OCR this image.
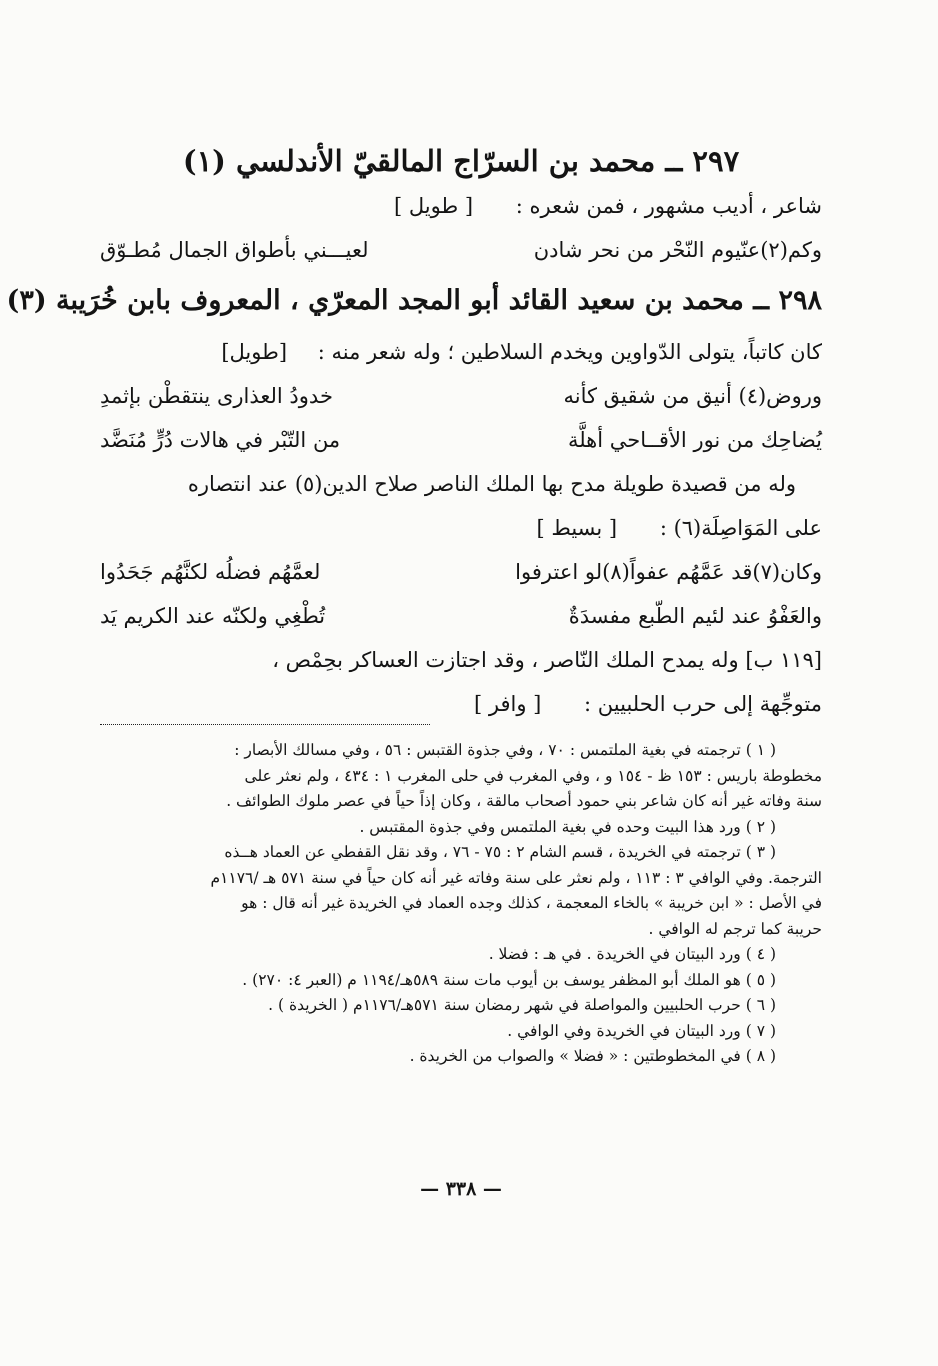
٢٩٧ ــ محمد بن السرّاج المالقيّ الأندلسي (١)
شاعر ، أديب مشهور ، فمن شعره : [ طويل ]
وكم(٢)عنّيوم النّحْر من نحر شادن
لعيـــني بأطواق الجمال مُطـوّق
٢٩٨ ــ محمد بن سعيد القائد أبو المجد المعرّي ، المعروف بابن خُرَيبة (٣)
كان كاتباً، يتولى الدّواوين ويخدم السلاطين ؛ وله شعر منه : [طويل]
وروض(٤) أنيق من شقيق كأنه
خدودُ العذارى ينتقطْن بإثمدِ
يُضاحِك من نور الأقــاحي أهلَّة
من التّبْر في هالات دُرٍّ مُنَضَّد
وله من قصيدة طويلة مدح بها الملك الناصر صلاح الدين(٥) عند انتصاره
على المَوَاصِلَة(٦) : [ بسيط ]
وكان(٧)قد عَمَّهُم عفواً(٨)لو اعترفوا
لعمَّهُم فضلُه لكنَّهُم جَحَدُوا
والعَفْوُ عند لئيم الطّبع مفسدَةٌ
تُطْغِي ولكنّه عند الكريم يَد
[١١٩ ب] وله يمدح الملك النّاصر ، وقد اجتازت العساكر بحِمْص ،
متوجِّهة إلى حرب الحلبيين : [ وافر ]
( ١ ) ترجمته في بغية الملتمس : ٧٠ ، وفي جذوة القتبس : ٥٦ ، وفي مسالك الأبصار :
مخطوطة باريس : ١٥٣ ظ - ١٥٤ و ، وفي المغرب في حلى المغرب ١ : ٤٣٤ ، ولم نعثر على
سنة وفاته غير أنه كان شاعر بني حمود أصحاب مالقة ، وكان إذاً حياً في عصر ملوك الطوائف .
( ٢ ) ورد هذا البيت وحده في بغية الملتمس وفي جذوة المقتبس .
( ٣ ) ترجمته في الخريدة ، قسم الشام ٢ : ٧٥ - ٧٦ ، وقد نقل القفطي عن العماد هــذه
الترجمة. وفي الوافي ٣ : ١١٣ ، ولم نعثر على سنة وفاته غير أنه كان حياً في سنة ٥٧١ هـ /١١٧٦م
في الأصل : « ابن خريبة » بالخاء المعجمة ، كذلك وجده العماد في الخريدة غير أنه قال : هو
حريبة كما ترجم له الوافي .
( ٤ ) ورد البيتان في الخريدة . في هـ : فضلا .
( ٥ ) هو الملك أبو المظفر يوسف بن أيوب مات سنة ٥٨٩هـ/١١٩٤ م (العبر ٤: ٢٧٠) .
( ٦ ) حرب الحلبيين والمواصلة في شهر رمضان سنة ٥٧١هـ/١١٧٦م ( الخريدة ) .
( ٧ ) ورد البيتان في الخريدة وفي الوافي .
( ٨ ) في المخطوطتين : « فضلا » والصواب من الخريدة .
— ٣٣٨ —
